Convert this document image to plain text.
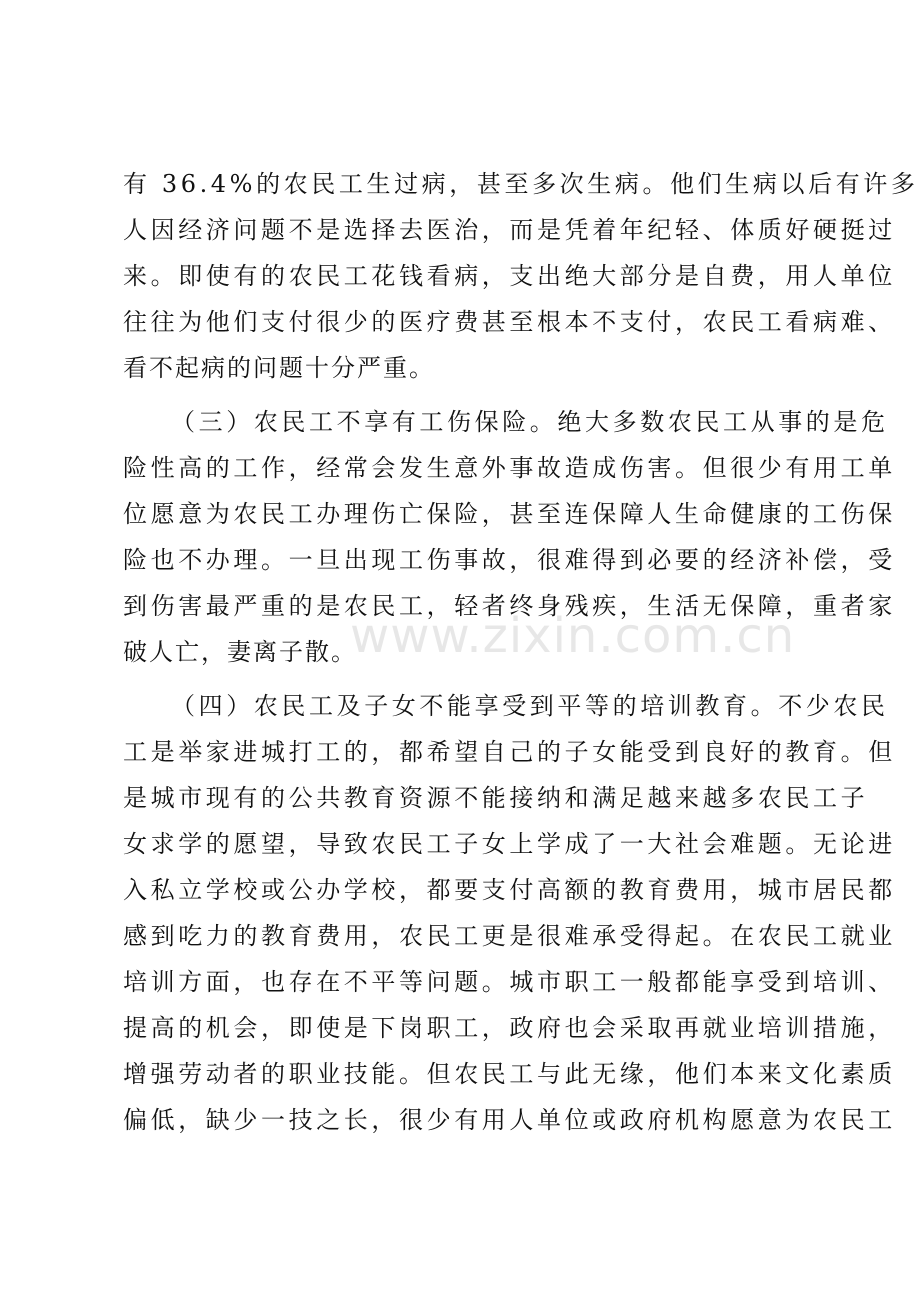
有 36.4%的农民工生过病，甚至多次生病。他们生病以后有许多
人因经济问题不是选择去医治，而是凭着年纪轻、体质好硬挺过
来。即使有的农民工花钱看病，支出绝大部分是自费，用人单位
往往为他们支付很少的医疗费甚至根本不支付，农民工看病难、
看不起病的问题十分严重。
（三）农民工不享有工伤保险。绝大多数农民工从事的是危
险性高的工作，经常会发生意外事故造成伤害。但很少有用工单
位愿意为农民工办理伤亡保险，甚至连保障人生命健康的工伤保
险也不办理。一旦出现工伤事故，很难得到必要的经济补偿，受
到伤害最严重的是农民工，轻者终身残疾，生活无保障，重者家
破人亡，妻离子散。
（四）农民工及子女不能享受到平等的培训教育。不少农民
工是举家进城打工的，都希望自己的子女能受到良好的教育。但
是城市现有的公共教育资源不能接纳和满足越来越多农民工子
女求学的愿望，导致农民工子女上学成了一大社会难题。无论进
入私立学校或公办学校，都要支付高额的教育费用，城市居民都
感到吃力的教育费用，农民工更是很难承受得起。在农民工就业
培训方面，也存在不平等问题。城市职工一般都能享受到培训、
提高的机会，即使是下岗职工，政府也会采取再就业培训措施，
增强劳动者的职业技能。但农民工与此无缘，他们本来文化素质
偏低，缺少一技之长，很少有用人单位或政府机构愿意为农民工
www.zixin.com.cn
